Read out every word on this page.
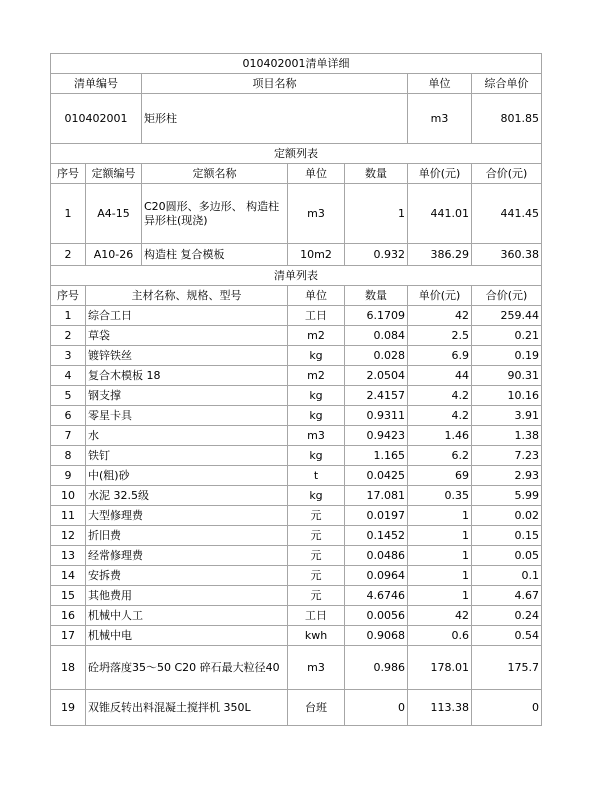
010402001清单详细						
清单编号		项目名称			单位	综合单价
010402001		矩形柱			m3	801.85
定额列表						
序号	定额编号	定额名称	单位	数量	单价(元)	合价(元)
1	A4-15	C20圆形、多边形、 构造柱异形柱(现浇)	m3	1	441.01	441.45
2	A10-26	构造柱 复合模板	10m2	0.932	386.29	360.38
清单列表						
序号	主材名称、规格、型号		单位	数量	单价(元)	合价(元)
1	综合工日		工日	6.1709	42	259.44
2	草袋		m2	0.084	2.5	0.21
3	镀锌铁丝		kg	0.028	6.9	0.19
4	复合木模板 18		m2	2.0504	44	90.31
5	钢支撑		kg	2.4157	4.2	10.16
6	零星卡具		kg	0.9311	4.2	3.91
7	水		m3	0.9423	1.46	1.38
8	铁钉		kg	1.165	6.2	7.23
9	中(粗)砂		t	0.0425	69	2.93
10	水泥 32.5级		kg	17.081	0.35	5.99
11	大型修理费		元	0.0197	1	0.02
12	折旧费		元	0.1452	1	0.15
13	经常修理费		元	0.0486	1	0.05
14	安拆费		元	0.0964	1	0.1
15	其他费用		元	4.6746	1	4.67
16	机械中人工		工日	0.0056	42	0.24
17	机械中电		kwh	0.9068	0.6	0.54
18	砼坍落度35～50 C20 碎石最大粒径40		m3	0.986	178.01	175.7
19	双锥反转出料混凝土搅拌机 350L		台班	0	113.38	0
